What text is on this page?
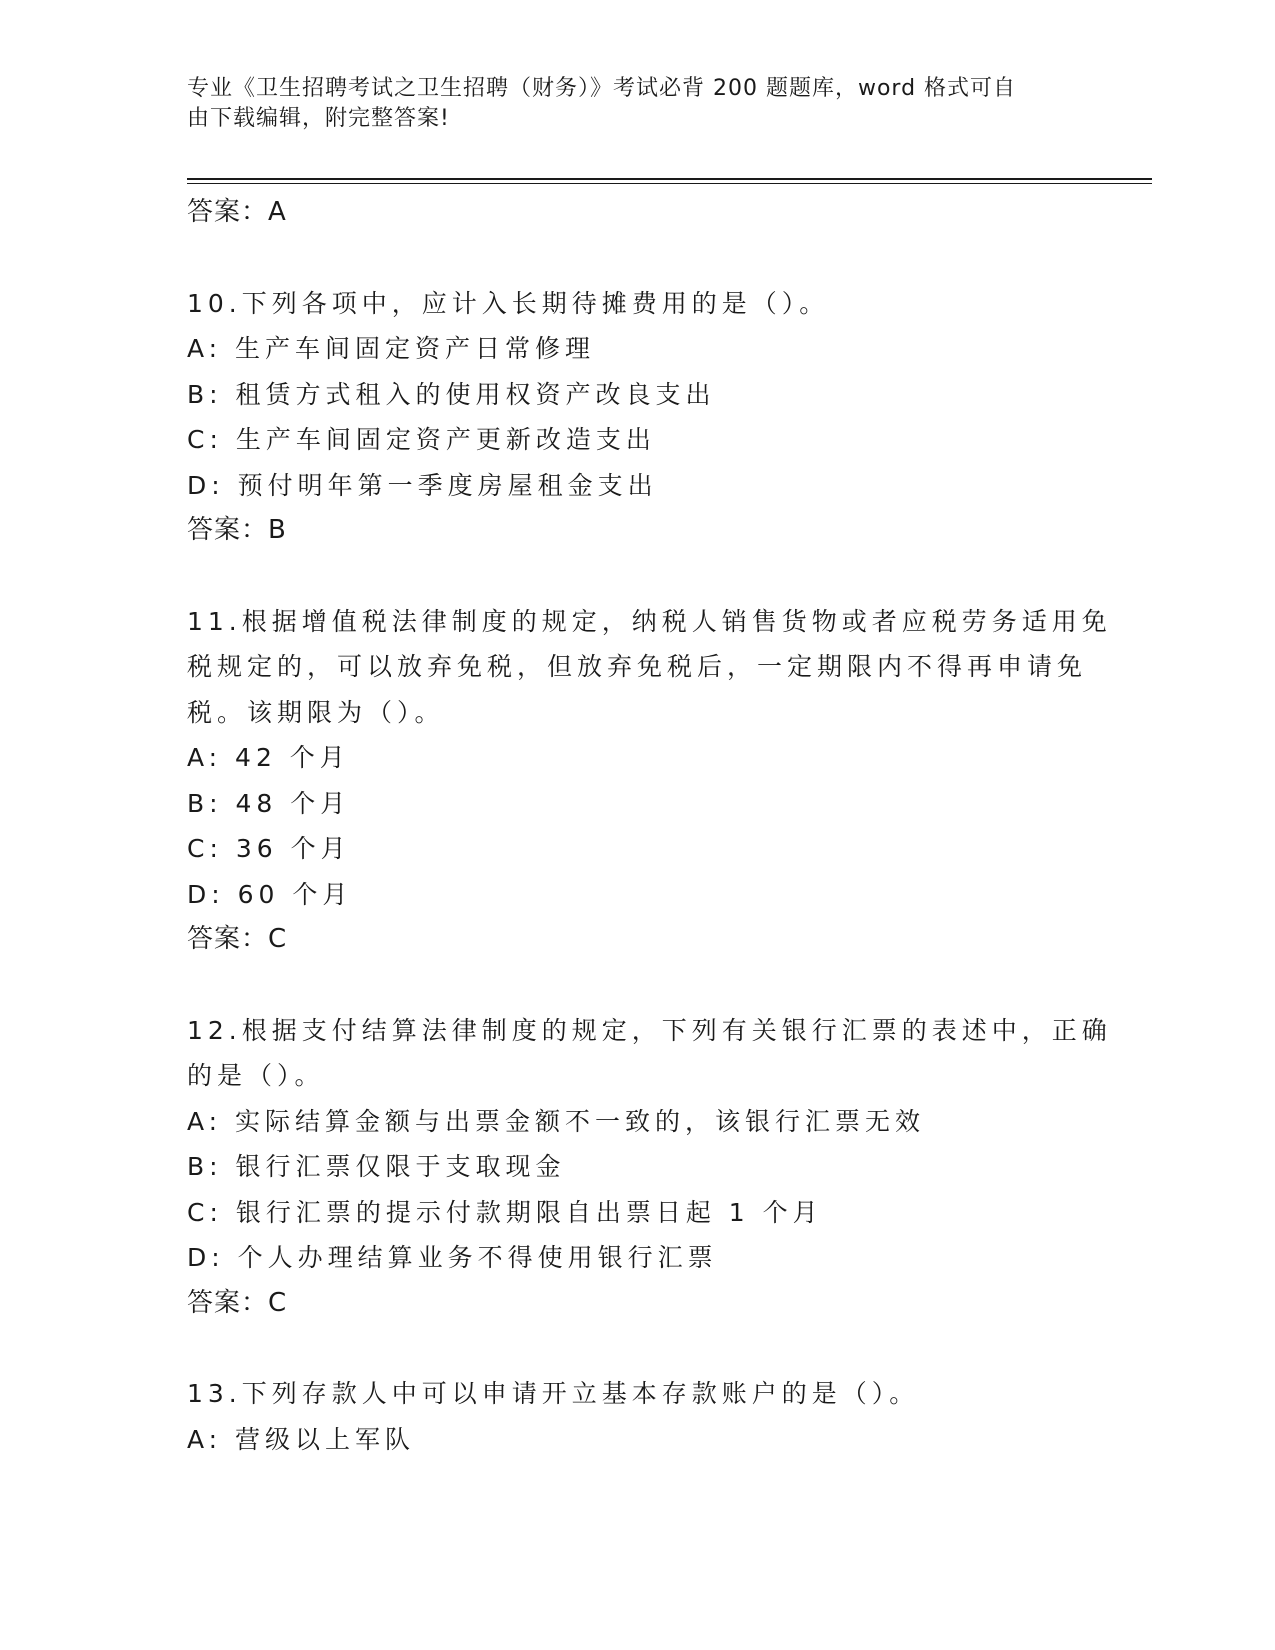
专业《卫生招聘考试之卫生招聘（财务）》考试必背 200 题题库，word 格式可自
由下载编辑，附完整答案!
答案：A
10.下列各项中，应计入长期待摊费用的是（）。
A: 生产车间固定资产日常修理
B: 租赁方式租入的使用权资产改良支出
C: 生产车间固定资产更新改造支出
D: 预付明年第一季度房屋租金支出
答案：B
11.根据增值税法律制度的规定，纳税人销售货物或者应税劳务适用免
税规定的，可以放弃免税，但放弃免税后，一定期限内不得再申请免
税。该期限为（）。
A: 42 个月
B: 48 个月
C: 36 个月
D: 60 个月
答案：C
12.根据支付结算法律制度的规定，下列有关银行汇票的表述中，正确
的是（）。
A: 实际结算金额与出票金额不一致的，该银行汇票无效
B: 银行汇票仅限于支取现金
C: 银行汇票的提示付款期限自出票日起 1 个月
D: 个人办理结算业务不得使用银行汇票
答案：C
13.下列存款人中可以申请开立基本存款账户的是（）。
A: 营级以上军队
